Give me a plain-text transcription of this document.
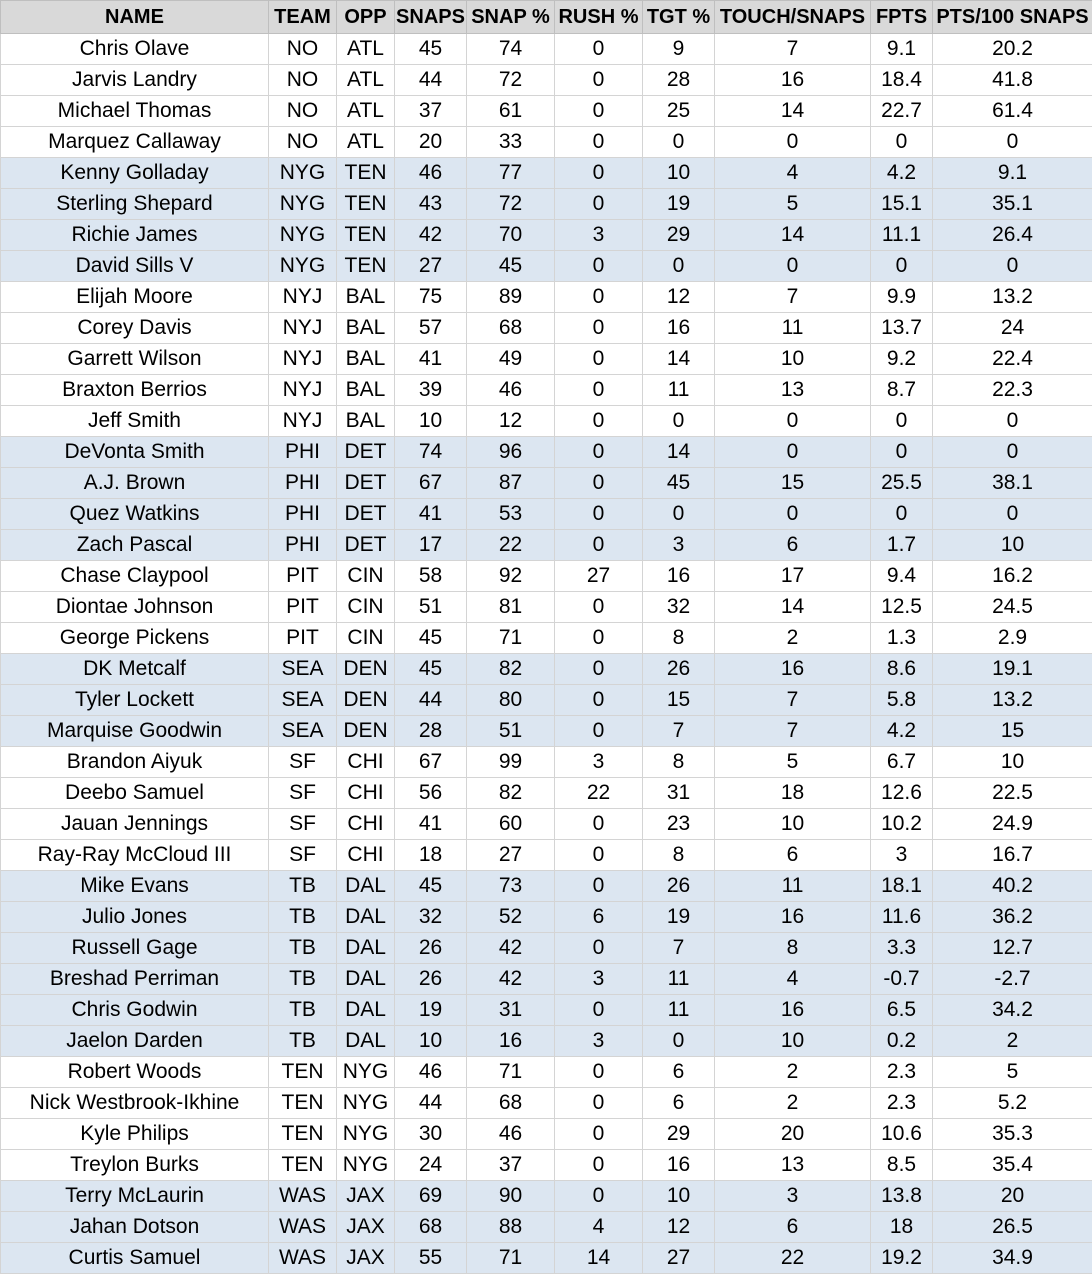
NAME	TEAM	OPP	SNAPS	SNAP %	RUSH %	TGT %	TOUCH/SNAPS	FPTS	PTS/100 SNAPS
Chris Olave	NO	ATL	45	74	0	9	7	9.1	20.2
Jarvis Landry	NO	ATL	44	72	0	28	16	18.4	41.8
Michael Thomas	NO	ATL	37	61	0	25	14	22.7	61.4
Marquez Callaway	NO	ATL	20	33	0	0	0	0	0
Kenny Golladay	NYG	TEN	46	77	0	10	4	4.2	9.1
Sterling Shepard	NYG	TEN	43	72	0	19	5	15.1	35.1
Richie James	NYG	TEN	42	70	3	29	14	11.1	26.4
David Sills V	NYG	TEN	27	45	0	0	0	0	0
Elijah Moore	NYJ	BAL	75	89	0	12	7	9.9	13.2
Corey Davis	NYJ	BAL	57	68	0	16	11	13.7	24
Garrett Wilson	NYJ	BAL	41	49	0	14	10	9.2	22.4
Braxton Berrios	NYJ	BAL	39	46	0	11	13	8.7	22.3
Jeff Smith	NYJ	BAL	10	12	0	0	0	0	0
DeVonta Smith	PHI	DET	74	96	0	14	0	0	0
A.J. Brown	PHI	DET	67	87	0	45	15	25.5	38.1
Quez Watkins	PHI	DET	41	53	0	0	0	0	0
Zach Pascal	PHI	DET	17	22	0	3	6	1.7	10
Chase Claypool	PIT	CIN	58	92	27	16	17	9.4	16.2
Diontae Johnson	PIT	CIN	51	81	0	32	14	12.5	24.5
George Pickens	PIT	CIN	45	71	0	8	2	1.3	2.9
DK Metcalf	SEA	DEN	45	82	0	26	16	8.6	19.1
Tyler Lockett	SEA	DEN	44	80	0	15	7	5.8	13.2
Marquise Goodwin	SEA	DEN	28	51	0	7	7	4.2	15
Brandon Aiyuk	SF	CHI	67	99	3	8	5	6.7	10
Deebo Samuel	SF	CHI	56	82	22	31	18	12.6	22.5
Jauan Jennings	SF	CHI	41	60	0	23	10	10.2	24.9
Ray-Ray McCloud III	SF	CHI	18	27	0	8	6	3	16.7
Mike Evans	TB	DAL	45	73	0	26	11	18.1	40.2
Julio Jones	TB	DAL	32	52	6	19	16	11.6	36.2
Russell Gage	TB	DAL	26	42	0	7	8	3.3	12.7
Breshad Perriman	TB	DAL	26	42	3	11	4	-0.7	-2.7
Chris Godwin	TB	DAL	19	31	0	11	16	6.5	34.2
Jaelon Darden	TB	DAL	10	16	3	0	10	0.2	2
Robert Woods	TEN	NYG	46	71	0	6	2	2.3	5
Nick Westbrook-Ikhine	TEN	NYG	44	68	0	6	2	2.3	5.2
Kyle Philips	TEN	NYG	30	46	0	29	20	10.6	35.3
Treylon Burks	TEN	NYG	24	37	0	16	13	8.5	35.4
Terry McLaurin	WAS	JAX	69	90	0	10	3	13.8	20
Jahan Dotson	WAS	JAX	68	88	4	12	6	18	26.5
Curtis Samuel	WAS	JAX	55	71	14	27	22	19.2	34.9
